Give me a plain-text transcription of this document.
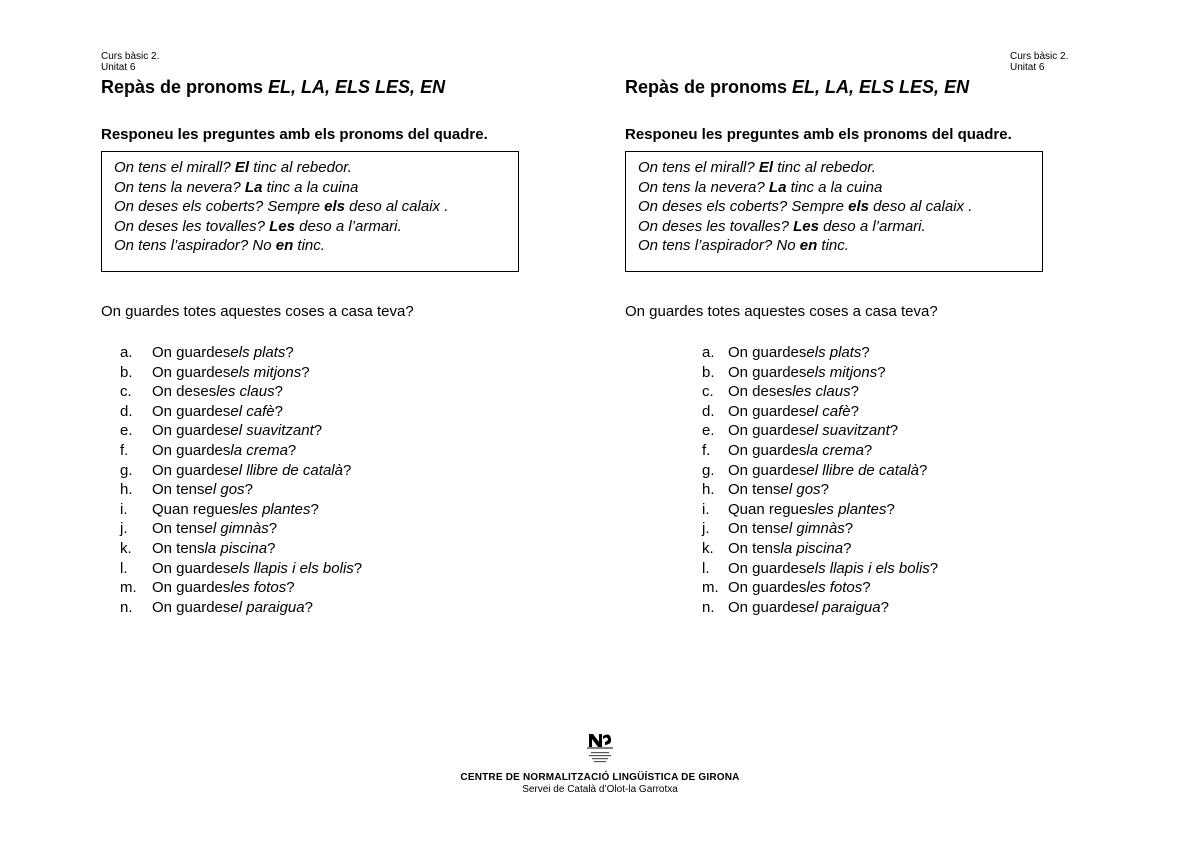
Curs bàsic 2.
Unitat 6
Repàs de pronoms EL, LA, ELS LES, EN
Responeu les preguntes amb els pronoms del quadre.
On tens el mirall? El tinc al rebedor.
On tens la nevera? La tinc a la cuina
On deses els coberts? Sempre els deso al calaix .
On deses les tovalles? Les deso a l’armari.
On tens l’aspirador? No en tinc.
On guardes totes aquestes coses a casa teva?
a.	On guardes els plats ?
b.	On guardes els mitjons ?
c.	On deses les claus ?
d.	On guardes el cafè ?
e.	On guardes el suavitzant ?
f.	On guardes la crema ?
g.	On guardes el llibre de català ?
h.	On tens el gos ?
i.	Quan regues les plantes ?
j.	On tens el gimnàs ?
k.	On tens la piscina ?
l.	On guardes els llapis i els bolis ?
m.	On guardes les fotos ?
n.	On guardes el paraigua ?
Curs bàsic 2.
Unitat 6
Repàs de pronoms EL, LA, ELS LES, EN
Responeu les preguntes amb els pronoms del quadre.
On tens el mirall? El tinc al rebedor.
On tens la nevera? La tinc a la cuina
On deses els coberts? Sempre els deso al calaix .
On deses les tovalles? Les deso a l’armari.
On tens l’aspirador? No en tinc.
On guardes totes aquestes coses a casa teva?
a. On guardes els plats ?
b. On guardes els mitjons ?
c. On deses les claus ?
d. On guardes el cafè ?
e. On guardes el suavitzant ?
f.	On guardes la crema ?
g. On guardes el llibre de català ?
h. On tens el gos ?
i.	Quan regues les plantes ?
j.	On tens el gimnàs ?
k. On tens la piscina ?
l.	On guardes els llapis i els bolis ?
m. On guardes les fotos ?
n. On guardes el paraigua ?
CENTRE DE NORMALITZACIÓ LINGÜÍSTICA DE GIRONA
Servei de Català d’Olot-la Garrotxa
